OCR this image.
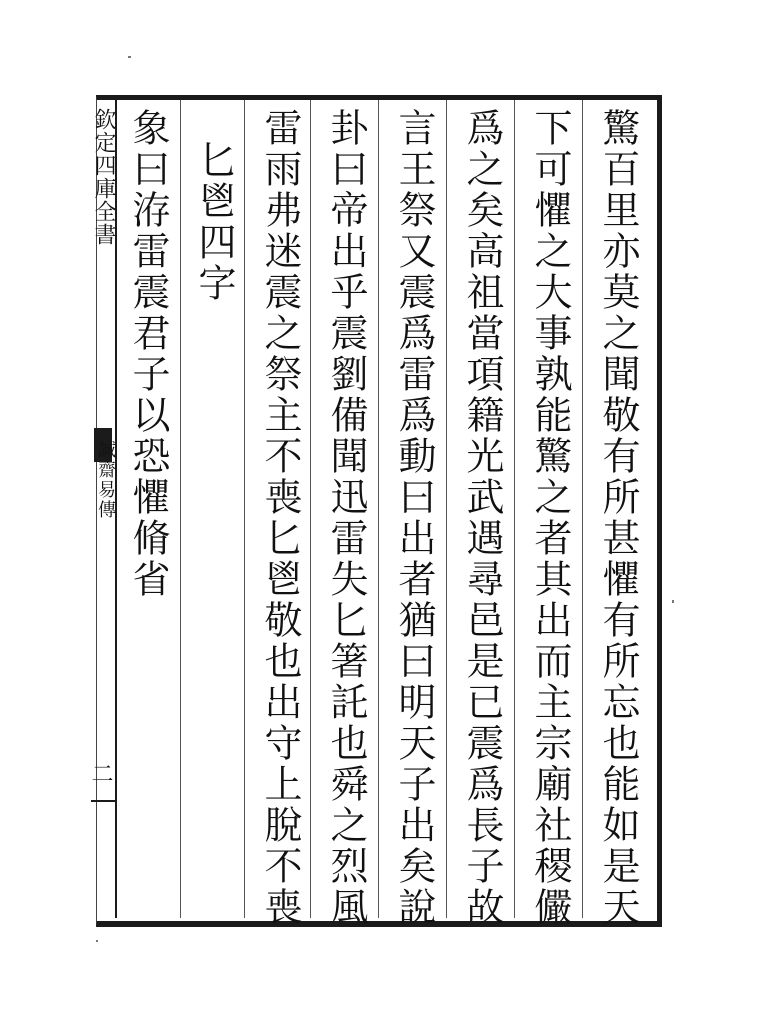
欽定四庫全書
誠齋易傳
二	驚百里亦莫之聞敬有所甚懼有所忘也能如是天
下可懼之大事孰能驚之者其出而主宗廟社稷儼
爲之矣高祖當項籍光武遇尋邑是已震爲長子故
言王祭又震爲雷爲動曰出者猶曰明天子出矣說
卦曰帝出乎震劉備聞迅雷失匕箸託也舜之烈風
雷雨弗迷震之祭主不喪匕鬯敬也出守上脫不喪
匕鬯四字
象曰洊雷震君子以恐懼脩省
